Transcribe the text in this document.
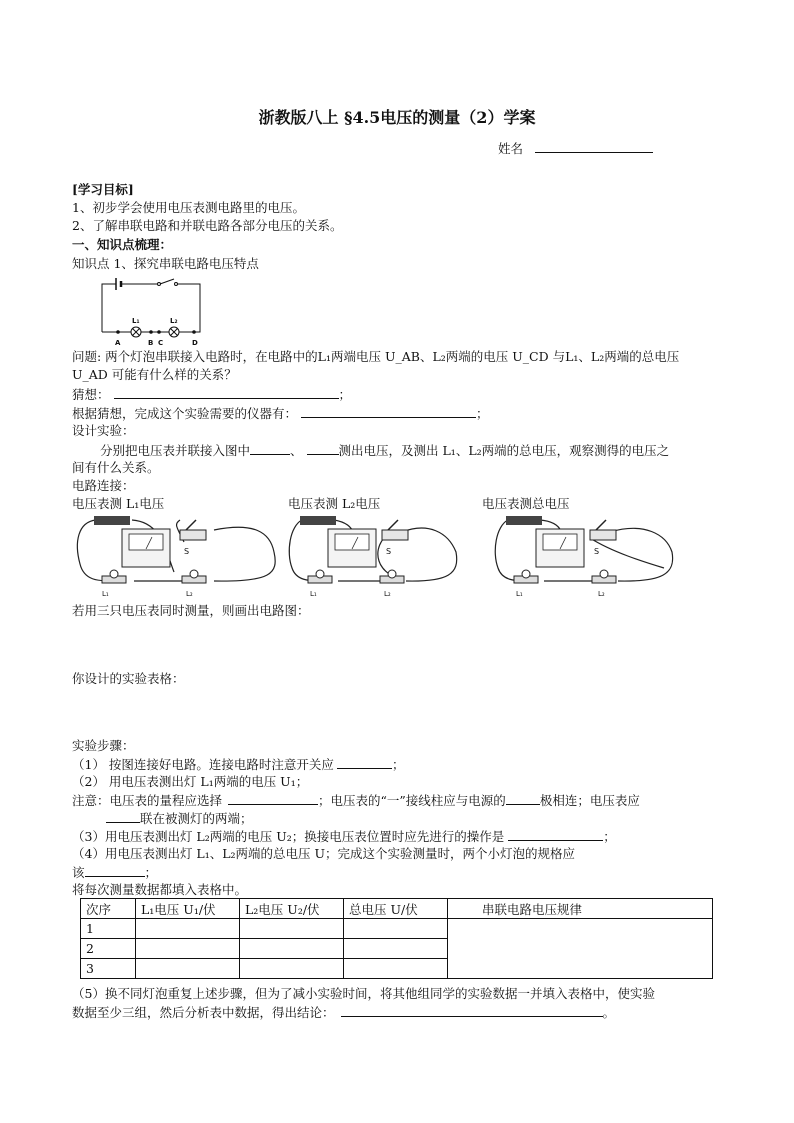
浙教版八上 §4.5电压的测量（2）学案
姓名
[学习目标]
1、初步学会使用电压表测电路里的电压。
2、了解串联电路和并联电路各部分电压的关系。
一、知识点梳理：
知识点 1、探究串联电路电压特点
L₁	L₂
A	B C	D
问题: 两个灯泡串联接入电路时，在电路中的L₁两端电压 U_AB、L₂两端的电压 U_CD 与L₁、L₂两端的总电压
U_AD 可能有什么样的关系？
猜想：	；
根据猜想，完成这个实验需要的仪器有：	；
设计实验：
分别把电压表并联接入图中	、	测出电压，及测出 L₁、L₂两端的总电压，观察测得的电压之
间有什么关系。
电路连接：
电压表测 L₁电压	电压表测 L₂电压	电压表测总电压
S
L₁	L₂
S
L₁	L₂
S
L₁	L₂
若用三只电压表同时测量，则画出电路图：
你设计的实验表格：
实验步骤：
（1） 按图连接好电路。连接电路时注意开关应	；
（2） 用电压表测出灯 L₁两端的电压 U₁；
注意：电压表的量程应选择	；电压表的“一”接线柱应与电源的	极相连；电压表应
联在被测灯的两端；
（3）用电压表测出灯 L₂两端的电压 U₂；换接电压表位置时应先进行的操作是	；
（4）用电压表测出灯 L₁、L₂两端的总电压 U；完成这个实验测量时，两个小灯泡的规格应
该	；
将每次测量数据都填入表格中。
次序	L₁电压 U₁/伏	L₂电压 U₂/伏	总电压 U/伏	串联电路电压规律
1				
2				
3				
（5）换不同灯泡重复上述步骤，但为了减小实验时间，将其他组同学的实验数据一并填入表格中，使实验
数据至少三组，然后分析表中数据，得出结论：	。
